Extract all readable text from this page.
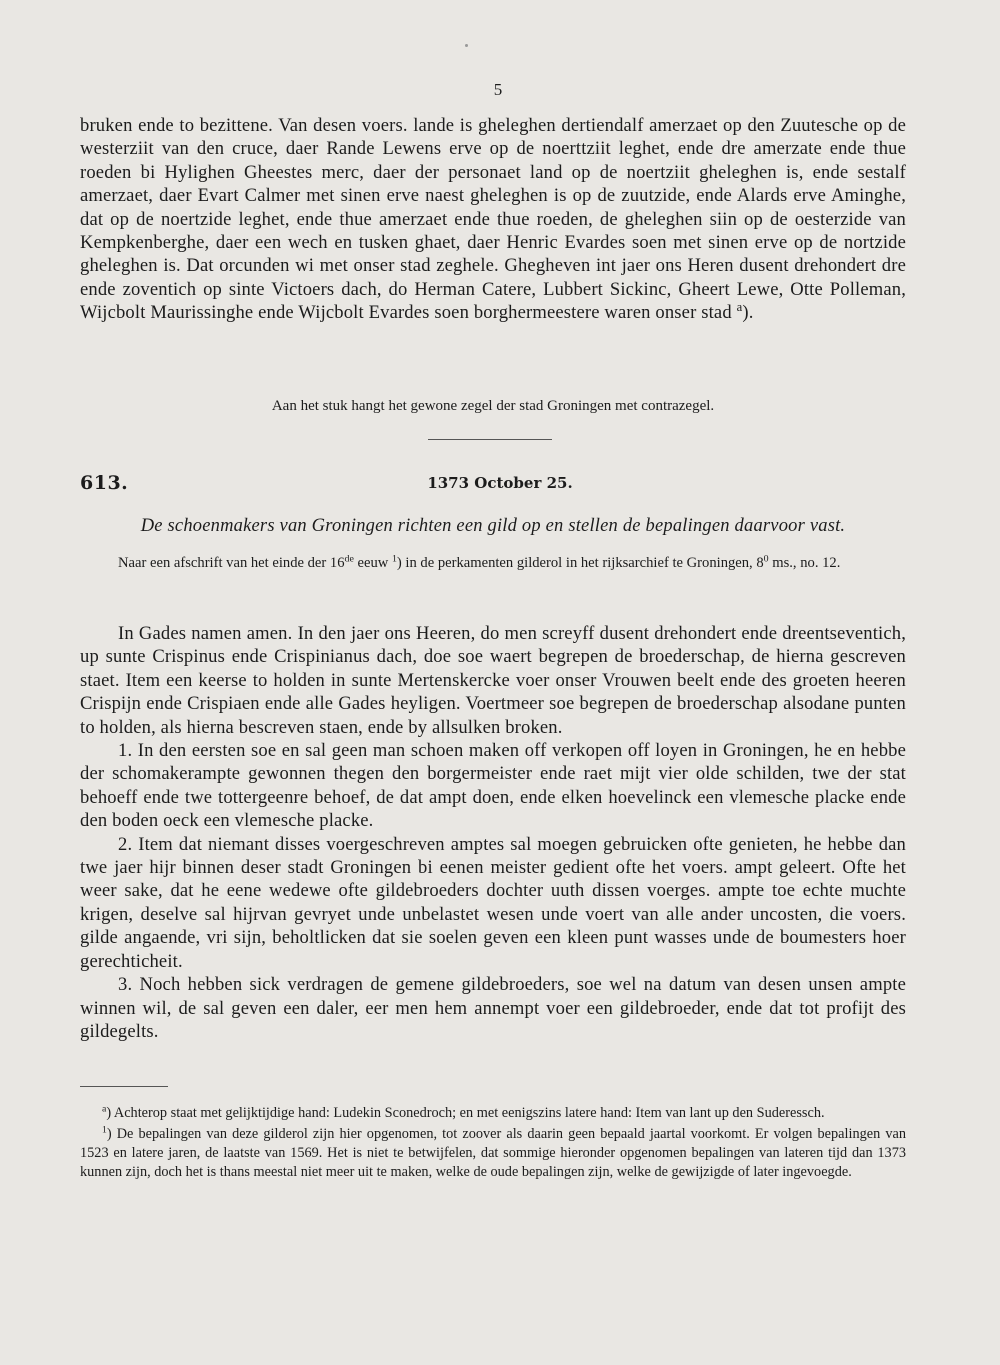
5

bruken ende to bezittene. Van desen voers. lande is gheleghen dertiendalf amerzaet op den Zuutesche op de westerziit van den cruce, daer Rande Lewens erve op de noerttziit leghet, ende dre amerzate ende thue roeden bi Hylighen Gheestes merc, daer der personaet land op de noertziit gheleghen is, ende sestalf amerzaet, daer Evart Calmer met sinen erve naest gheleghen is op de zuutzide, ende Alards erve Aminghe, dat op de noertzide leghet, ende thue amerzaet ende thue roeden, de gheleghen siin op de oesterzide van Kempkenberghe, daer een wech en tusken ghaet, daer Henric Evardes soen met sinen erve op de nortzide gheleghen is. Dat orcunden wi met onser stad zeghele. Ghegheven int jaer ons Heren dusent drehondert dre ende zoventich op sinte Victoers dach, do Herman Catere, Lubbert Sickinc, Gheert Lewe, Otte Polleman, Wijcbolt Maurissinghe ende Wijcbolt Evardes soen borghermeestere waren onser stad $^a$).

Aan het stuk hangt het gewone zegel der stad Groningen met contrazegel.
613.	1373 October 25.
De schoenmakers van Groningen richten een gild op en stellen de bepalingen daarvoor vast.
Naar een afschrift van het einde der 16de eeuw $^1$) in de perkamenten gilderol in het rijksarchief te Groningen, $8^0$ ms., no. 12.

In Gades namen amen. In den jaer ons Heeren, do men screyff dusent drehondert ende dreentseventich, up sunte Crispinus ende Crispinianus dach, doe soe waert begrepen de broederschap, de hierna gescreven staet. Item een keerse to holden in sunte Mertenskercke voer onser Vrouwen beelt ende des groeten heeren Crispijn ende Crispiaen ende alle Gades heyligen. Voertmeer soe begrepen de broederschap alsodane punten to holden, als hierna bescreven staen, ende by allsulken broken.

1. In den eersten soe en sal geen man schoen maken off verkopen off loyen in Groningen, he en hebbe der schomakerampte gewonnen thegen den borgermeister ende raet mijt vier olde schilden, twe der stat behoeff ende twe tottergeenre behoef, de dat ampt doen, ende elken hoevelinck een vlemesche placke ende den boden oeck een vlemesche placke.

2. Item dat niemant disses voergeschreven amptes sal moegen gebruicken ofte genieten, he hebbe dan twe jaer hijr binnen deser stadt Groningen bi eenen meister gedient ofte het voers. ampt geleert. Ofte het weer sake, dat he eene wedewe ofte gildebroeders dochter uuth dissen voerges. ampte toe echte muchte krigen, deselve sal hijrvan gevryet unde unbelastet wesen unde voert van alle ander uncosten, die voers. gilde angaende, vri sijn, beholtlicken dat sie soelen geven een kleen punt wasses unde de boumesters hoer gerechticheit.

3. Noch hebben sick verdragen de gemene gildebroeders, soe wel na datum van desen unsen ampte winnen wil, de sal geven een daler, eer men hem annempt voer een gildebroeder, ende dat tot profijt des gildegelts.

$^a$) Achterop staat met gelijktijdige hand: Ludekin Sconedroch; en met eenigszins latere hand: Item van lant up den Suderessch.

$^1$) De bepalingen van deze gilderol zijn hier opgenomen, tot zoover als daarin geen bepaald jaartal voorkomt. Er volgen bepalingen van 1523 en latere jaren, de laatste van 1569. Het is niet te betwijfelen, dat sommige hieronder opgenomen bepalingen van lateren tijd dan 1373 kunnen zijn, doch het is thans meestal niet meer uit te maken, welke de oude bepalingen zijn, welke de gewijzigde of later ingevoegde.
